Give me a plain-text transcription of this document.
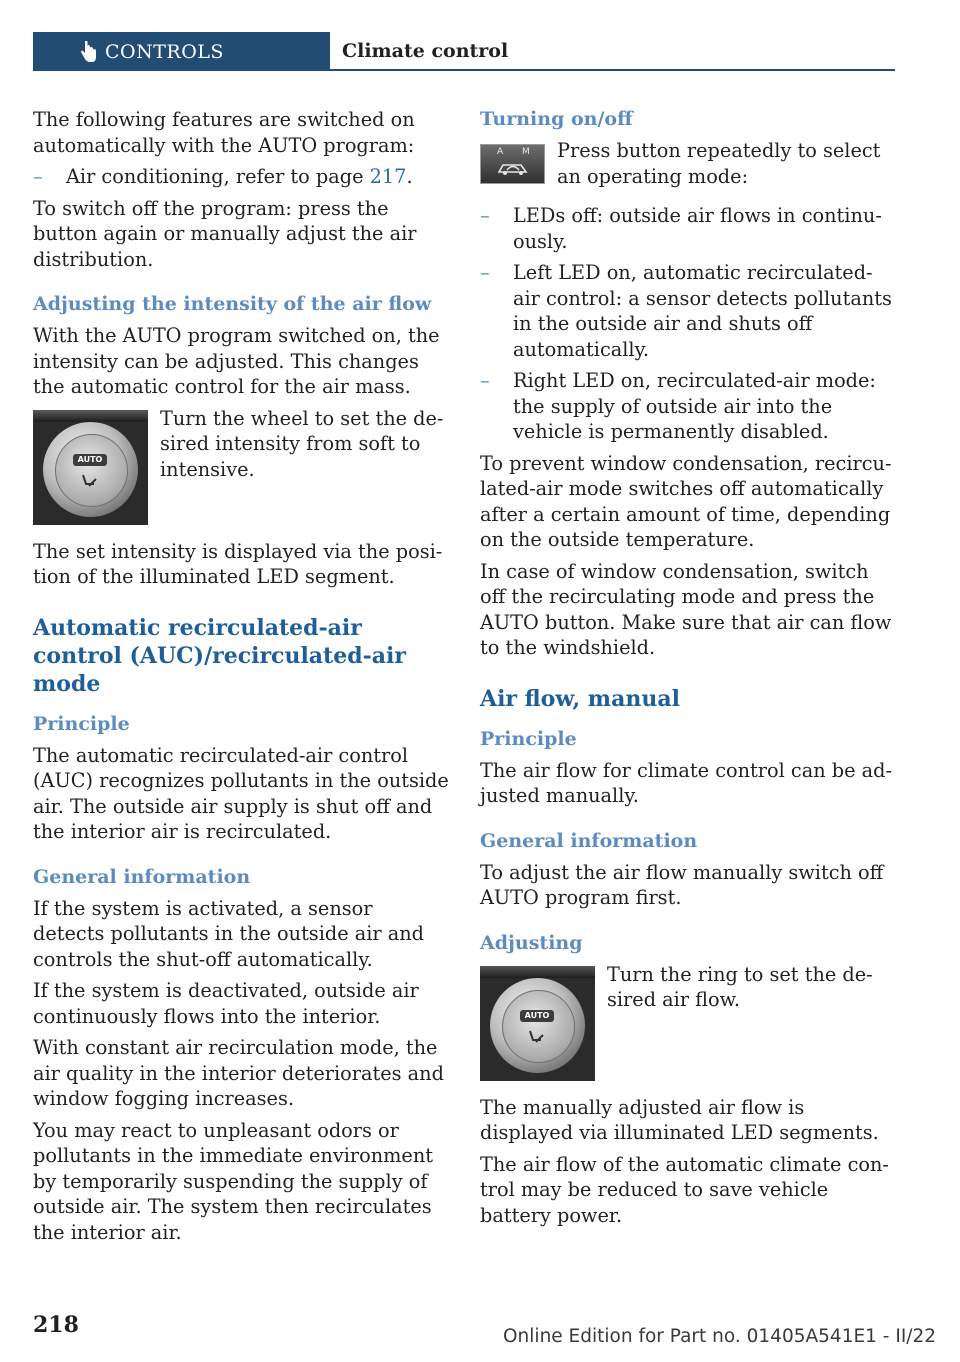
CONTROLS	Climate control

The following features are switched on automatically with the AUTO program:

– Air conditioning, refer to page 217.

To switch off the program: press the button again or manually adjust the air distribution.

Adjusting the intensity of the air flow

With the AUTO program switched on, the intensity can be adjusted. This changes the automatic control for the air mass.

AUTO
Turn the wheel to set the desired intensity from soft to intensive.

The set intensity is displayed via the position of the illuminated LED segment.

Automatic recirculated-air control (AUC)/recirculated-air mode
Principle

The automatic recirculated-air control (AUC) recognizes pollutants in the outside air. The outside air supply is shut off and the interior air is recirculated.

General information

If the system is activated, a sensor detects pollutants in the outside air and controls the shut-off automatically.

If the system is deactivated, outside air continuously flows into the interior.

With constant air recirculation mode, the air quality in the interior deteriorates and window fogging increases.

You may react to unpleasant odors or pollutants in the immediate environment by temporarily suspending the supply of outside air. The system then recirculates the interior air.

Turning on/off
A M Press button repeatedly to select an operating mode:
– LEDs off: outside air flows in continuously.
– Left LED on, automatic recirculated-air control: a sensor detects pollutants in the outside air and shuts off automatically.
– Right LED on, recirculated-air mode: the supply of outside air into the vehicle is permanently disabled.

To prevent window condensation, recirculated-air mode switches off automatically after a certain amount of time, depending on the outside temperature.

In case of window condensation, switch off the recirculating mode and press the AUTO button. Make sure that air can flow to the windshield.

Air flow, manual
Principle

The air flow for climate control can be adjusted manually.

General information

To adjust the air flow manually switch off AUTO program first.

Adjusting
AUTO
Turn the ring to set the desired air flow.

The manually adjusted air flow is displayed via illuminated LED segments.

The air flow of the automatic climate control may be reduced to save vehicle battery power.

218	Online Edition for Part no. 01405A541E1 - II/22
